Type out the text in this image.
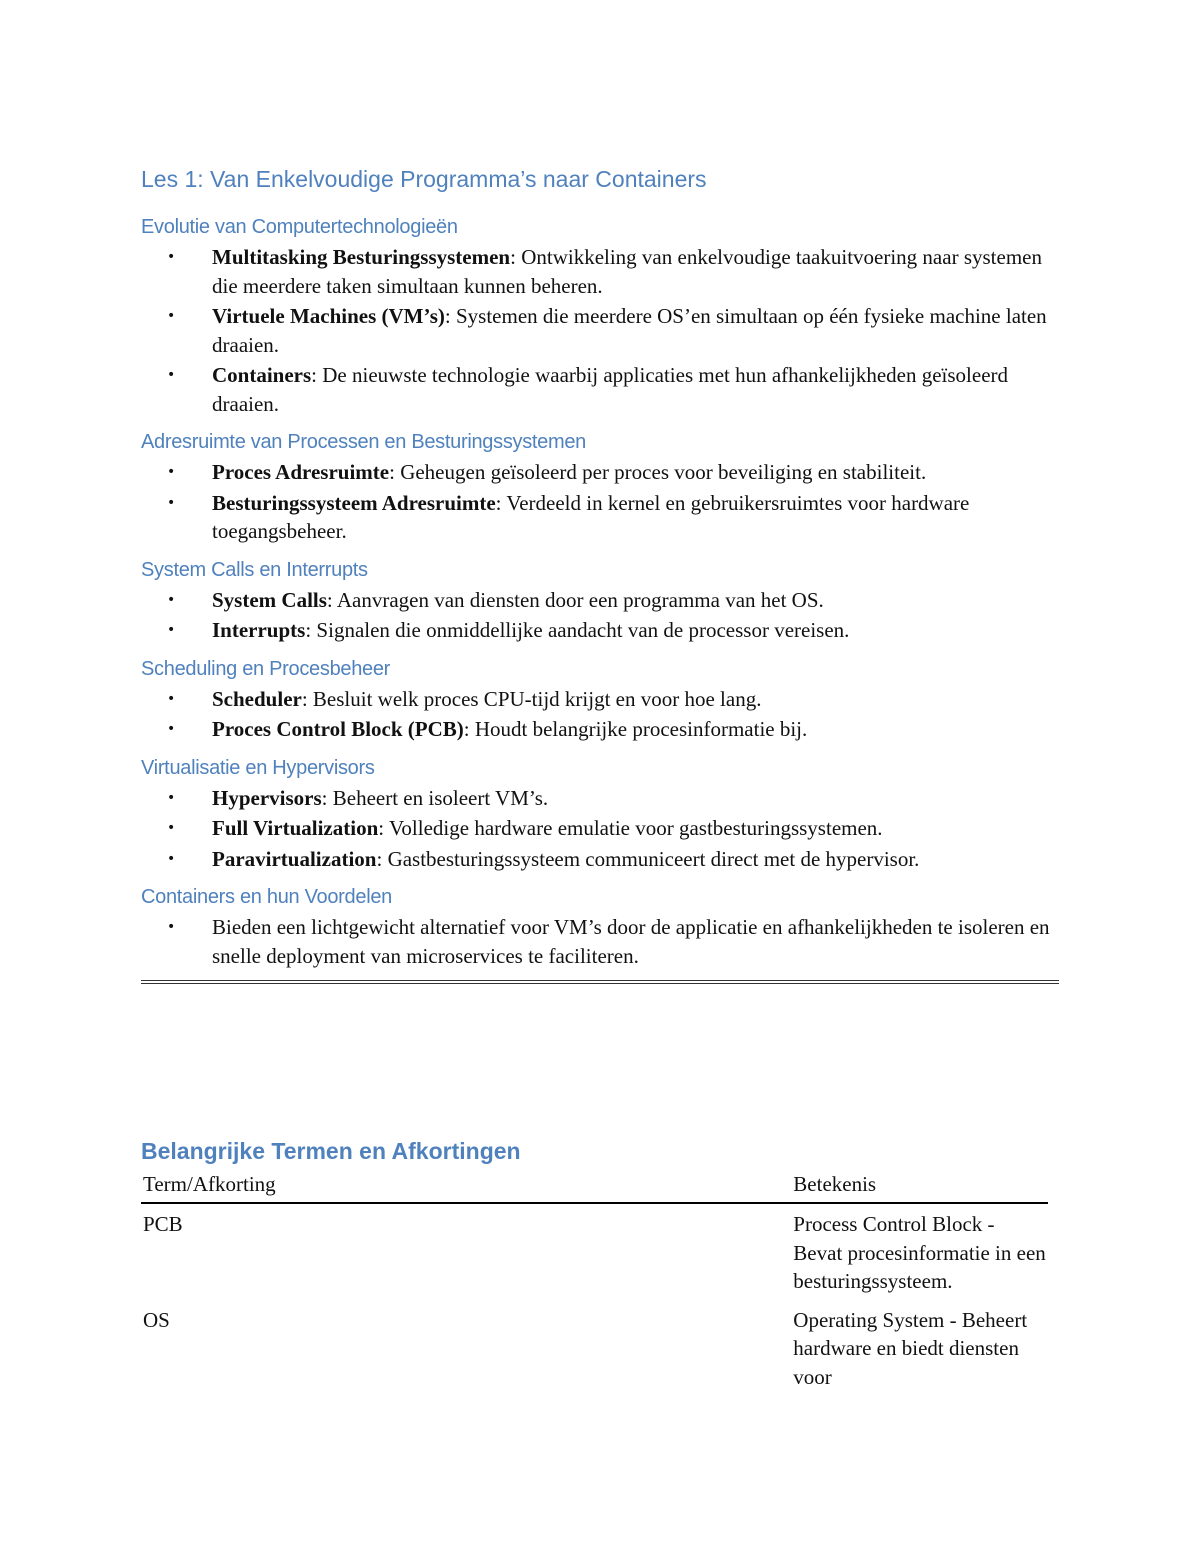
Les 1: Van Enkelvoudige Programma’s naar Containers
Evolutie van Computertechnologieën
• Multitasking Besturingssystemen: Ontwikkeling van enkelvoudige taakuitvoering naar systemen die meerdere taken simultaan kunnen beheren.
• Virtuele Machines (VM’s): Systemen die meerdere OS’en simultaan op één fysieke machine laten draaien.
• Containers: De nieuwste technologie waarbij applicaties met hun afhankelijkheden geïsoleerd draaien.
Adresruimte van Processen en Besturingssystemen
• Proces Adresruimte: Geheugen geïsoleerd per proces voor beveiliging en stabiliteit.
• Besturingssysteem Adresruimte: Verdeeld in kernel en gebruikersruimtes voor hardware toegangsbeheer.
System Calls en Interrupts
• System Calls: Aanvragen van diensten door een programma van het OS.
• Interrupts: Signalen die onmiddellijke aandacht van de processor vereisen.
Scheduling en Procesbeheer
• Scheduler: Besluit welk proces CPU-tijd krijgt en voor hoe lang.
• Proces Control Block (PCB): Houdt belangrijke procesinformatie bij.
Virtualisatie en Hypervisors
• Hypervisors: Beheert en isoleert VM’s.
• Full Virtualization: Volledige hardware emulatie voor gastbesturingssystemen.
• Paravirtualization: Gastbesturingssysteem communiceert direct met de hypervisor.
Containers en hun Voordelen
• Bieden een lichtgewicht alternatief voor VM’s door de applicatie en afhankelijkheden te isoleren en snelle deployment van microservices te faciliteren.
Belangrijke Termen en Afkortingen
Term/Afkorting	Betekenis
PCB	Process Control Block - Bevat procesinformatie in een besturingssysteem.
OS	Operating System - Beheert hardware en biedt diensten voor
